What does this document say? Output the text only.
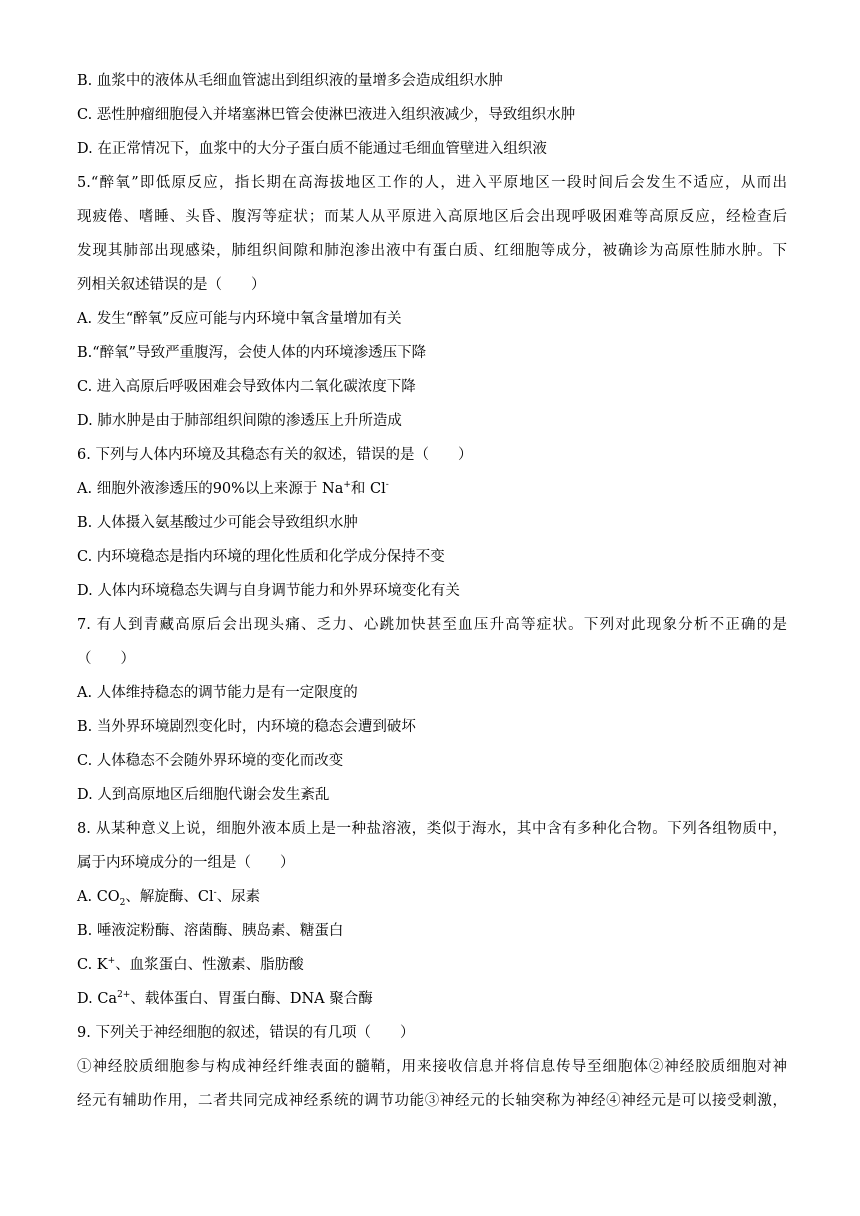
B. 血浆中的液体从毛细血管滤出到组织液的量增多会造成组织水肿
C. 恶性肿瘤细胞侵入并堵塞淋巴管会使淋巴液进入组织液减少，导致组织水肿
D. 在正常情况下，血浆中的大分子蛋白质不能通过毛细血管壁进入组织液
5.“醉氧”即低原反应，指长期在高海拔地区工作的人，进入平原地区一段时间后会发生不适应，从而出
现疲倦、嗜睡、头昏、腹泻等症状；而某人从平原进入高原地区后会出现呼吸困难等高原反应，经检查后
发现其肺部出现感染，肺组织间隙和肺泡渗出液中有蛋白质、红细胞等成分，被确诊为高原性肺水肿。下
列相关叙述错误的是（　　）
A. 发生“醉氧”反应可能与内环境中氧含量增加有关
B.“醉氧”导致严重腹泻，会使人体的内环境渗透压下降
C. 进入高原后呼吸困难会导致体内二氧化碳浓度下降
D. 肺水肿是由于肺部组织间隙的渗透压上升所造成
6. 下列与人体内环境及其稳态有关的叙述，错误的是（　　）
A. 细胞外液渗透压的90%以上来源于 Na+和 Cl-
B. 人体摄入氨基酸过少可能会导致组织水肿
C. 内环境稳态是指内环境的理化性质和化学成分保持不变
D. 人体内环境稳态失调与自身调节能力和外界环境变化有关
7. 有人到青藏高原后会出现头痛、乏力、心跳加快甚至血压升高等症状。下列对此现象分析不正确的是
（　　）
A. 人体维持稳态的调节能力是有一定限度的
B. 当外界环境剧烈变化时，内环境的稳态会遭到破坏
C. 人体稳态不会随外界环境的变化而改变
D. 人到高原地区后细胞代谢会发生紊乱
8. 从某种意义上说，细胞外液本质上是一种盐溶液，类似于海水，其中含有多种化合物。下列各组物质中，
属于内环境成分的一组是（　　）
A. $CO_2$、解旋酶、Cl-、尿素
B. 唾液淀粉酶、溶菌酶、胰岛素、糖蛋白
C. K+、血浆蛋白、性激素、脂肪酸
D. $Ca^{2+}$、载体蛋白、胃蛋白酶、DNA 聚合酶
9. 下列关于神经细胞的叙述，错误的有几项（　　）
①神经胶质细胞参与构成神经纤维表面的髓鞘，用来接收信息并将信息传导至细胞体②神经胶质细胞对神
经元有辅助作用，二者共同完成神经系统的调节功能③神经元的长轴突称为神经④神经元是可以接受刺激，
